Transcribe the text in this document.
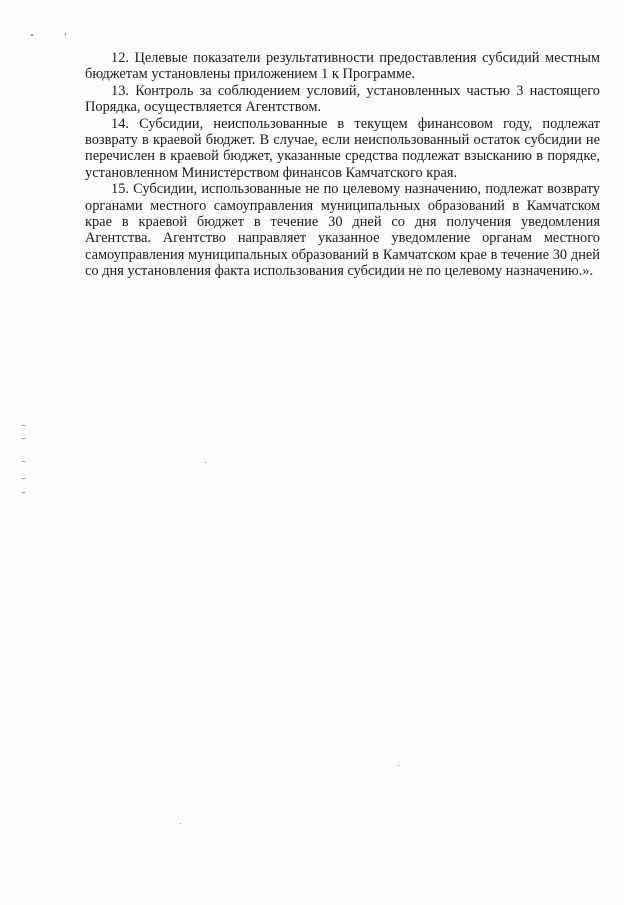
12. Целевые показатели результативности предоставления субсидий местным бюджетам установлены приложением 1 к Программе.

13. Контроль за соблюдением условий, установленных частью 3 настоящего Порядка, осуществляется Агентством.

14. Субсидии, неиспользованные в текущем финансовом году, подлежат возврату в краевой бюджет. В случае, если неиспользованный остаток субсидии не перечислен в краевой бюджет, указанные средства подлежат взысканию в порядке, установленном Министерством финансов Камчатского края.

15. Субсидии, использованные не по целевому назначению, подлежат возврату органами местного самоуправления муниципальных образований в Камчатском крае в краевой бюджет в течение 30 дней со дня получения уведомления Агентства. Агентство направляет указанное уведомление органам местного самоуправления муниципальных образований в Камчатском крае в течение 30 дней со дня установления факта использования субсидии не по целевому назначению.».
